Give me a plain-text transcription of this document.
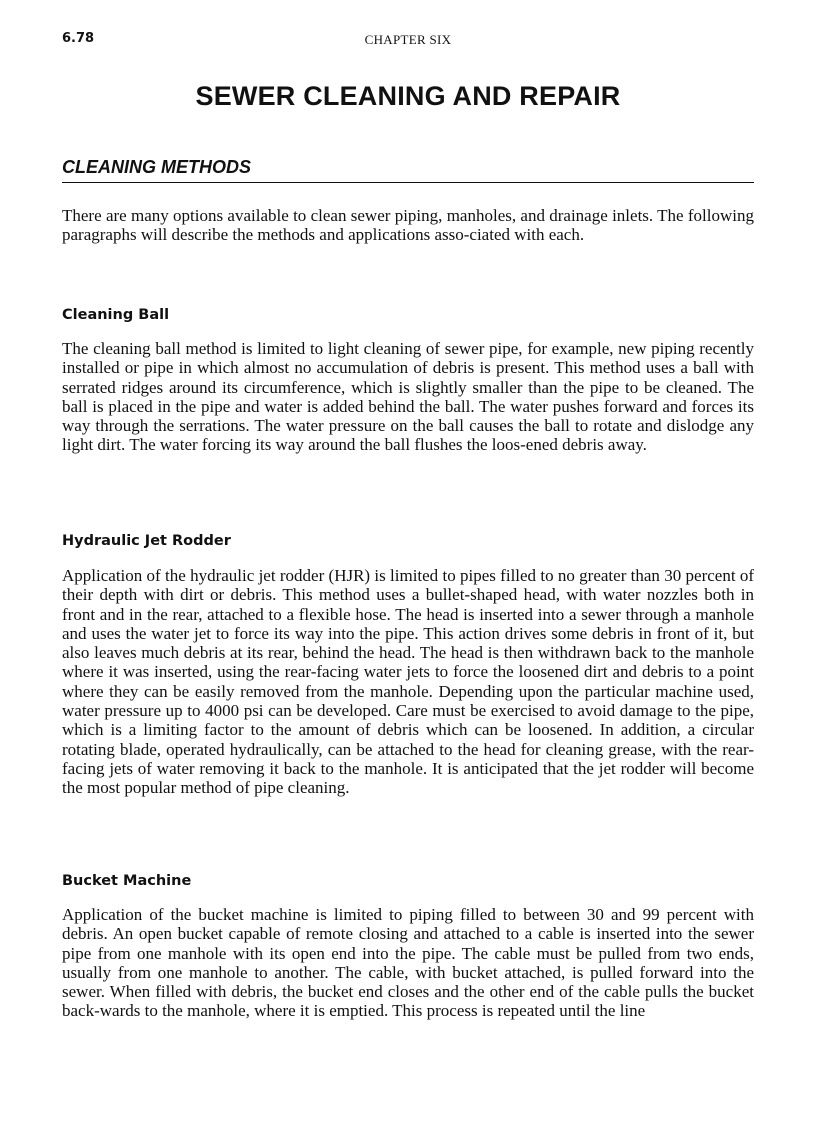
6.78	CHAPTER SIX
SEWER CLEANING AND REPAIR
CLEANING METHODS

There are many options available to clean sewer piping, manholes, and drainage inlets. The following paragraphs will describe the methods and applications asso-ciated with each.

Cleaning Ball

The cleaning ball method is limited to light cleaning of sewer pipe, for example, new piping recently installed or pipe in which almost no accumulation of debris is present. This method uses a ball with serrated ridges around its circumference, which is slightly smaller than the pipe to be cleaned. The ball is placed in the pipe and water is added behind the ball. The water pushes forward and forces its way through the serrations. The water pressure on the ball causes the ball to rotate and dislodge any light dirt. The water forcing its way around the ball flushes the loos-ened debris away.

Hydraulic Jet Rodder

Application of the hydraulic jet rodder (HJR) is limited to pipes filled to no greater than 30 percent of their depth with dirt or debris. This method uses a bullet-shaped head, with water nozzles both in front and in the rear, attached to a flexible hose. The head is inserted into a sewer through a manhole and uses the water jet to force its way into the pipe. This action drives some debris in front of it, but also leaves much debris at its rear, behind the head. The head is then withdrawn back to the manhole where it was inserted, using the rear-facing water jets to force the loosened dirt and debris to a point where they can be easily removed from the manhole. Depending upon the particular machine used, water pressure up to 4000 psi can be developed. Care must be exercised to avoid damage to the pipe, which is a limiting factor to the amount of debris which can be loosened. In addition, a circular rotating blade, operated hydraulically, can be attached to the head for cleaning grease, with the rear-facing jets of water removing it back to the manhole. It is anticipated that the jet rodder will become the most popular method of pipe cleaning.

Bucket Machine

Application of the bucket machine is limited to piping filled to between 30 and 99 percent with debris. An open bucket capable of remote closing and attached to a cable is inserted into the sewer pipe from one manhole with its open end into the pipe. The cable must be pulled from two ends, usually from one manhole to another. The cable, with bucket attached, is pulled forward into the sewer. When filled with debris, the bucket end closes and the other end of the cable pulls the bucket back-wards to the manhole, where it is emptied. This process is repeated until the line
